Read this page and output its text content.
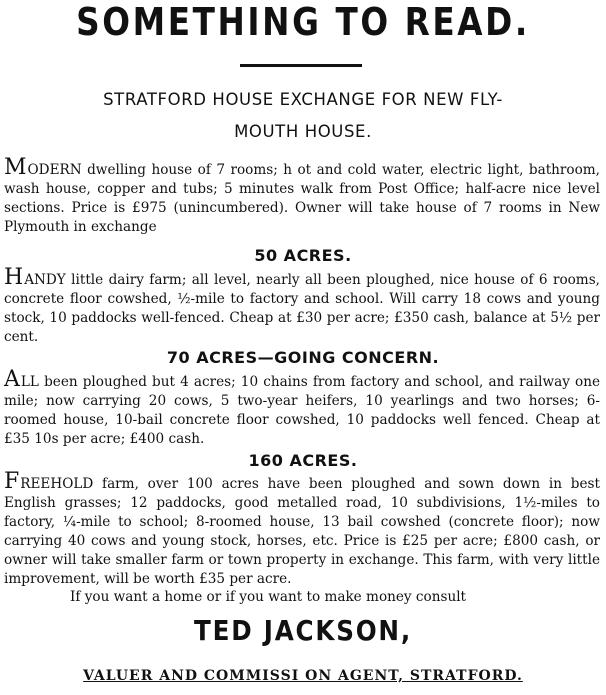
SOMETHING TO READ.
STRATFORD HOUSE EXCHANGE FOR NEW FLY-
MOUTH HOUSE.
MODERN dwelling house of 7 rooms; h ot and cold water, electric light, bathroom, wash house, copper and tubs; 5 minutes walk from Post Office; half-acre nice level sections. Price is £975 (unincumbered). Owner will take house of 7 rooms in New Plymouth in exchange
50 ACRES.
HANDY little dairy farm; all level, nearly all been ploughed, nice house of 6 rooms, concrete floor cowshed, ½-mile to factory and school. Will carry 18 cows and young stock, 10 paddocks well-fenced. Cheap at £30 per acre; £350 cash, balance at 5½ per cent.
70 ACRES—GOING CONCERN.
ALL been ploughed but 4 acres; 10 chains from factory and school, and railway one mile; now carrying 20 cows, 5 two-year heifers, 10 yearlings and two horses; 6-roomed house, 10-bail concrete floor cowshed, 10 paddocks well fenced. Cheap at £35 10s per acre; £400 cash.
160 ACRES.
FREEHOLD farm, over 100 acres have been ploughed and sown down in best English grasses; 12 paddocks, good metalled road, 10 subdivisions, 1½-miles to factory, ¼-mile to school; 8-roomed house, 13 bail cowshed (concrete floor); now carrying 40 cows and young stock, horses, etc. Price is £25 per acre; £800 cash, or owner will take smaller farm or town property in exchange. This farm, with very little improvement, will be worth £35 per acre.
If you want a home or if you want to make money consult
TED JACKSON,
VALUER AND COMMISSI ON AGENT, STRATFORD.
